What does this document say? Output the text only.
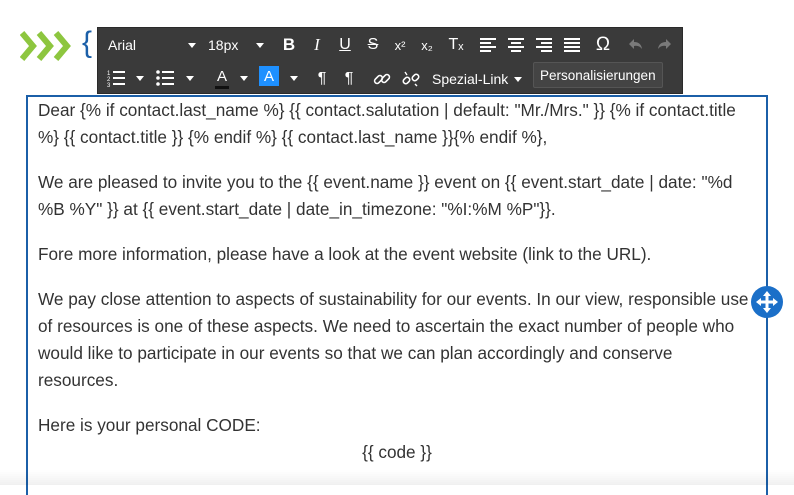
{ Arial	18px	B	I	U	S	x²	x₂ Tₓ	Ω
1
2
3
A A	¶ ¶	Spezial-Link	Personalisierungen

Dear {% if contact.last_name %} {{ contact.salutation | default: "Mr./Mrs." }} {% if contact.title %} {{ contact.title }} {% endif %} {{ contact.last_name }}{% endif %},

We are pleased to invite you to the {{ event.name }} event on {{ event.start_date | date: "%d %B %Y" }} at {{ event.start_date | date_in_timezone: "%I:%M %P"}}.

Fore more information, please have a look at the event website (link to the URL).

We pay close attention to aspects of sustainability for our events. In our view, responsible use of resources is one of these aspects. We need to ascertain the exact number of people who would like to participate in our events so that we can plan accordingly and conserve resources.

Here is your personal CODE:

{{ code }}
